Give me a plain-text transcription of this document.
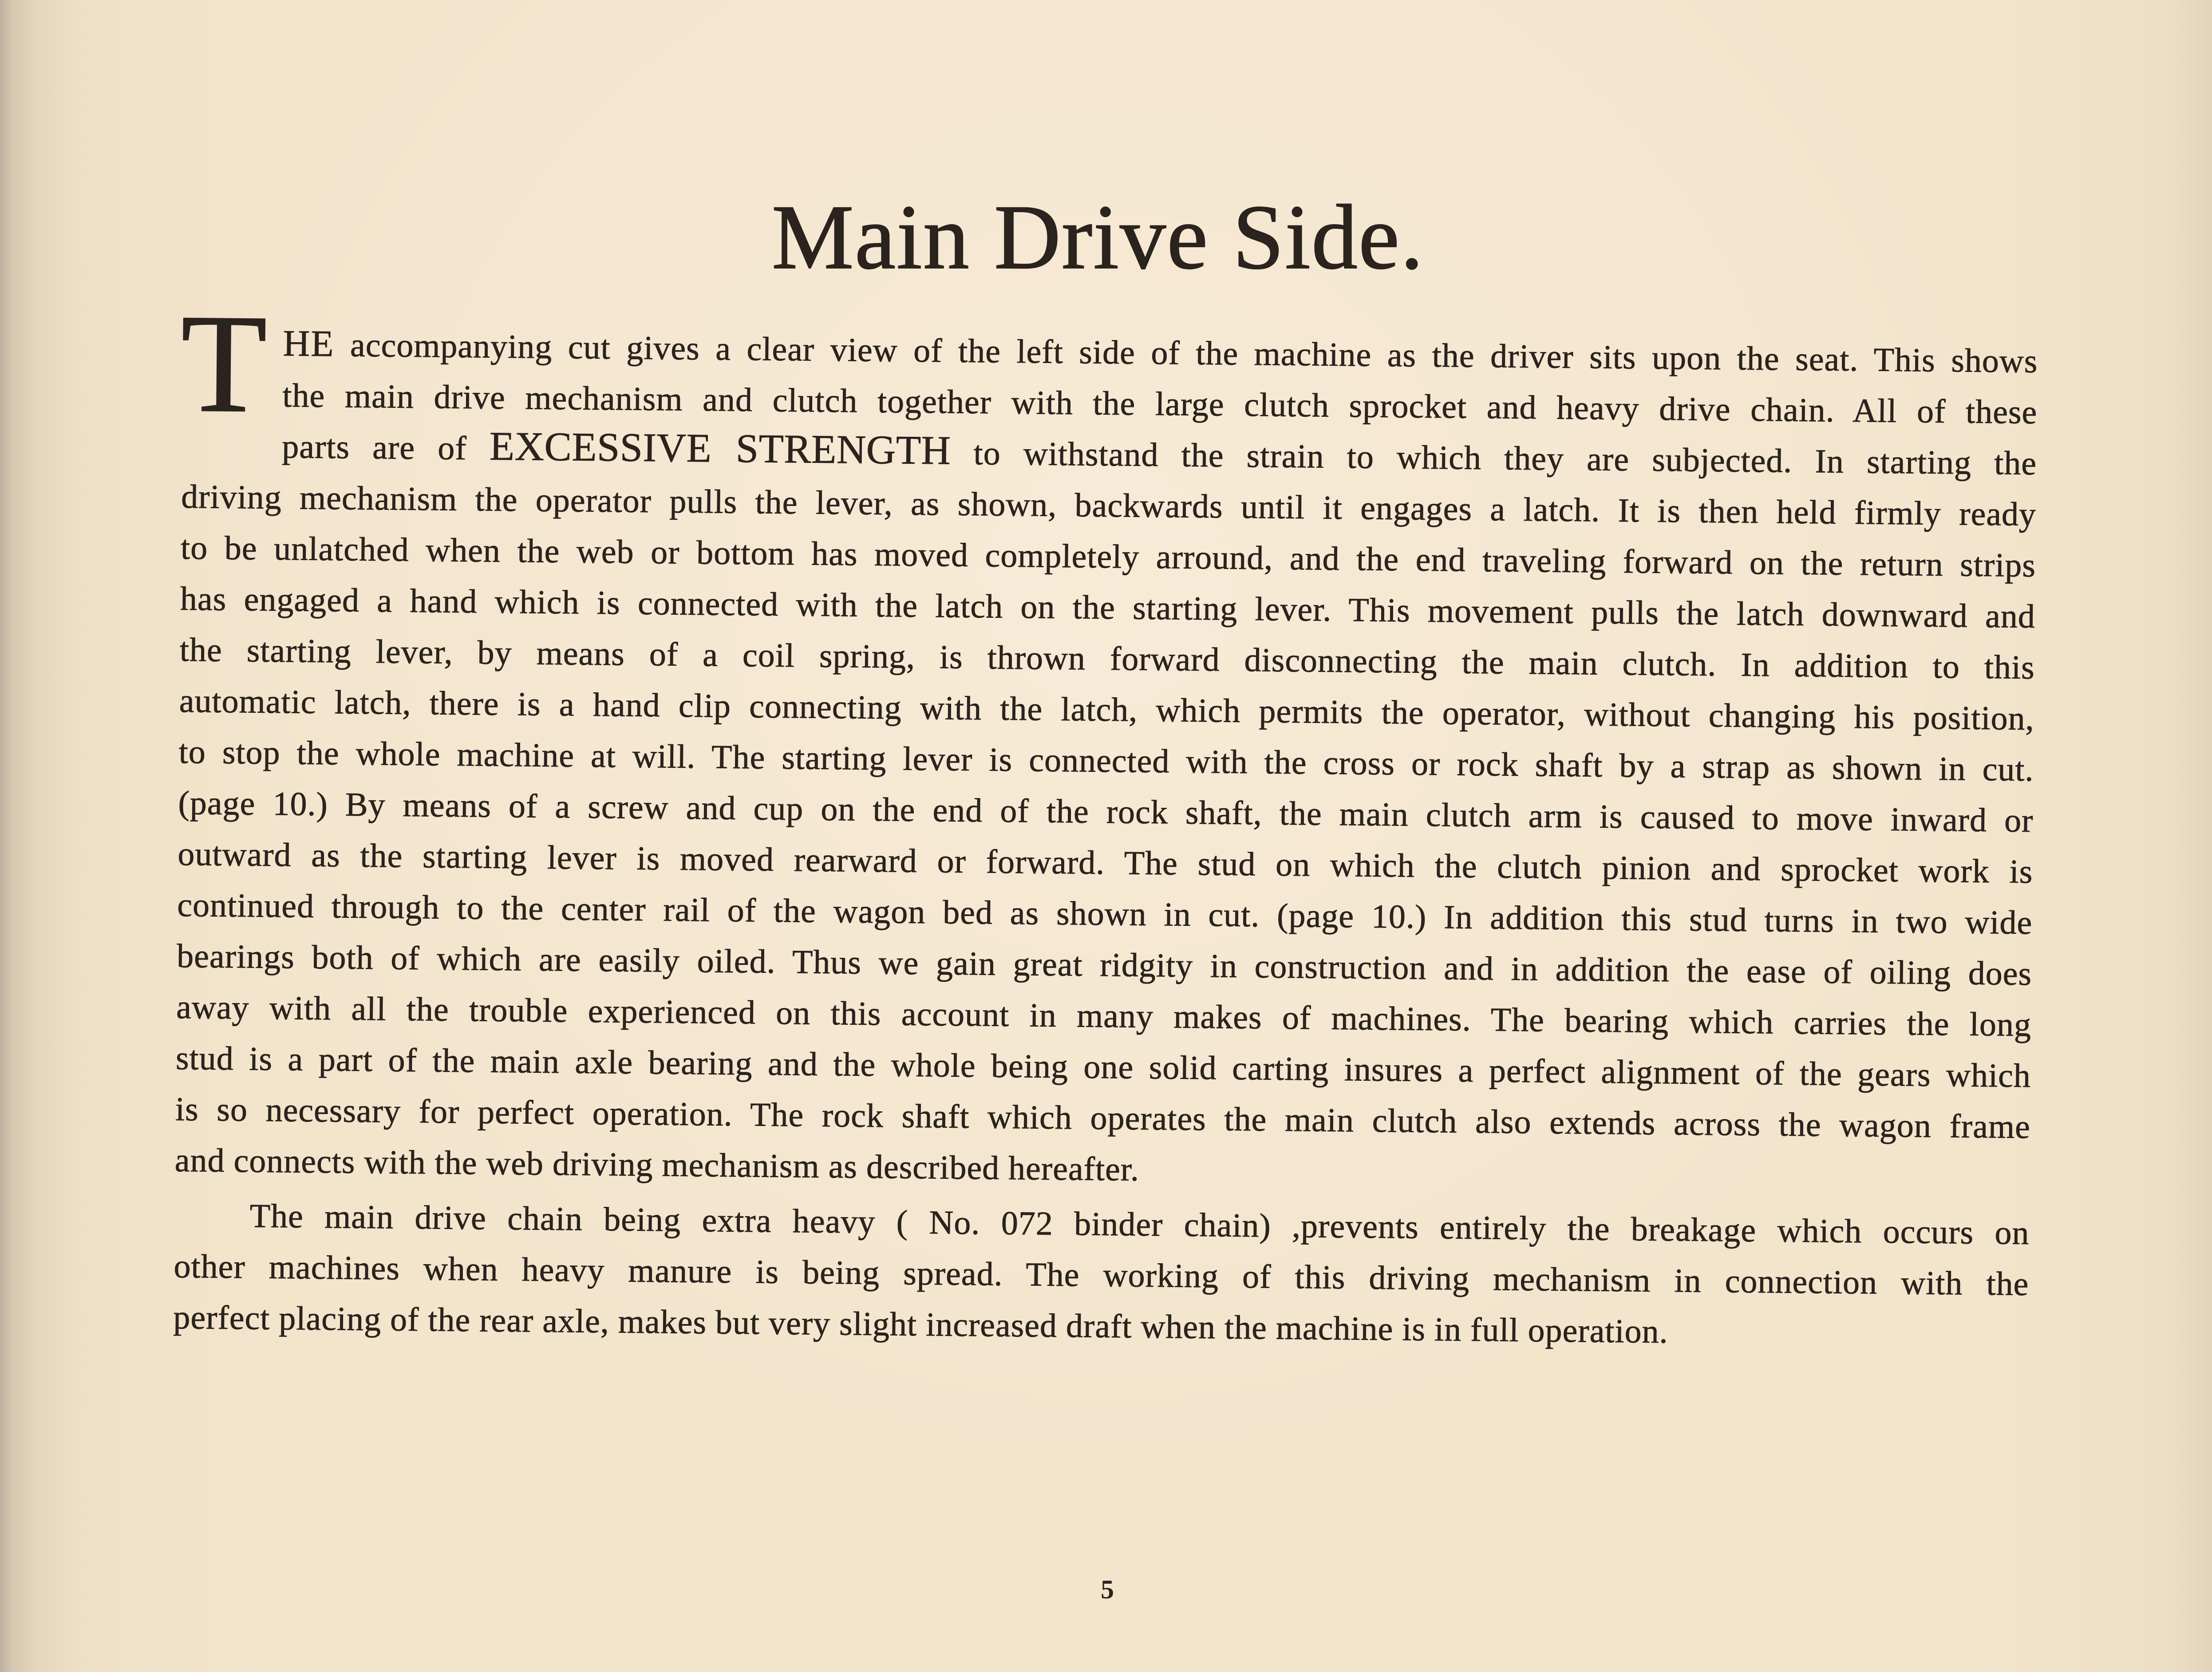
Main Drive Side.
T HE accompanying cut gives a clear view of the left side of the machine as the driver sits upon the seat. This shows
the main drive mechanism and clutch together with the large clutch sprocket and heavy drive chain. All of these
parts are of EXCESSIVE STRENGTH to withstand the strain to which they are subjected. In starting the
driving mechanism the operator pulls the lever, as shown, backwards until it engages a latch. It is then held firmly ready
to be unlatched when the web or bottom has moved completely arround, and the end traveling forward on the return strips
has engaged a hand which is connected with the latch on the starting lever. This movement pulls the latch downward and
the starting lever, by means of a coil spring, is thrown forward disconnecting the main clutch. In addition to this
automatic latch, there is a hand clip connecting with the latch, which permits the operator, without changing his position,
to stop the whole machine at will. The starting lever is connected with the cross or rock shaft by a strap as shown in cut.
(page 10.) By means of a screw and cup on the end of the rock shaft, the main clutch arm is caused to move inward or
outward as the starting lever is moved rearward or forward. The stud on which the clutch pinion and sprocket work is
continued through to the center rail of the wagon bed as shown in cut. (page 10.) In addition this stud turns in two wide
bearings both of which are easily oiled. Thus we gain great ridgity in construction and in addition the ease of oiling does
away with all the trouble experienced on this account in many makes of machines. The bearing which carries the long
stud is a part of the main axle bearing and the whole being one solid carting insures a perfect alignment of the gears which
is so necessary for perfect operation. The rock shaft which operates the main clutch also extends across the wagon frame
and connects with the web driving mechanism as described hereafter.
The main drive chain being extra heavy ( No. 072 binder chain) ,prevents entirely the breakage which occurs on
other machines when heavy manure is being spread. The working of this driving mechanism in connection with the
perfect placing of the rear axle, makes but very slight increased draft when the machine is in full operation.
5
